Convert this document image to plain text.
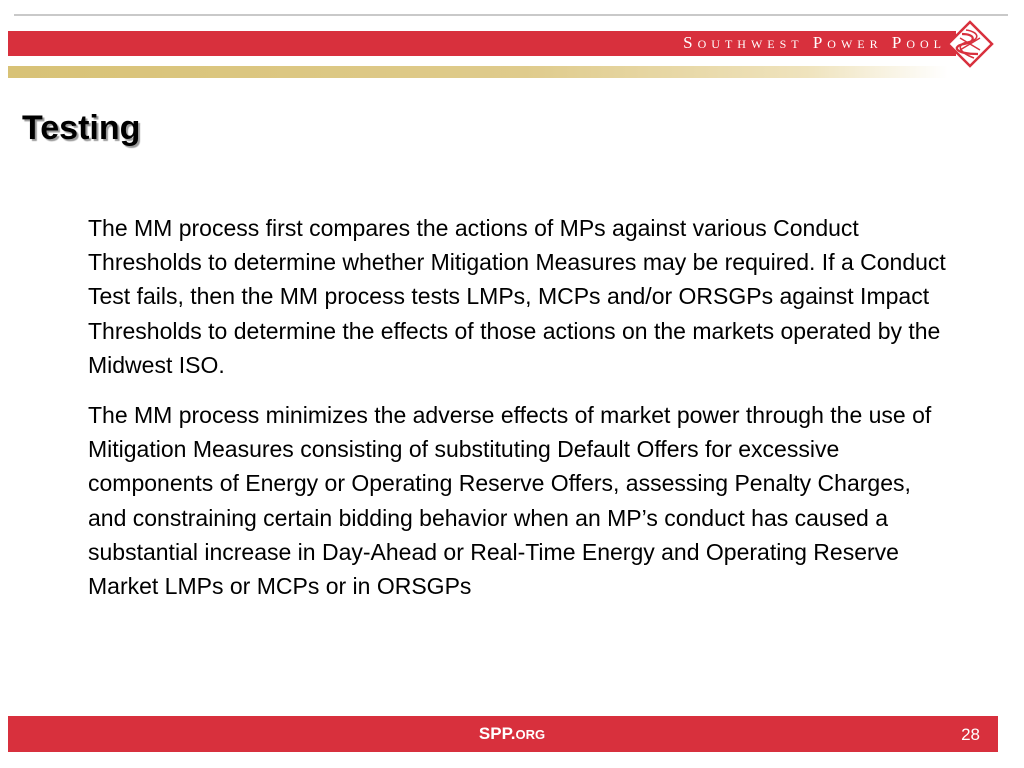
Southwest Power Pool
Testing

The MM process first compares the actions of MPs against various Conduct Thresholds to determine whether Mitigation Measures may be required. If a Conduct Test fails, then the MM process tests LMPs, MCPs and/or ORSGPs against Impact Thresholds to determine the effects of those actions on the markets operated by the Midwest ISO.

The MM process minimizes the adverse effects of market power through the use of Mitigation Measures consisting of substituting Default Offers for excessive components of Energy or Operating Reserve Offers, assessing Penalty Charges, and constraining certain bidding behavior when an MP’s conduct has caused a substantial increase in Day-Ahead or Real-Time Energy and Operating Reserve Market LMPs or MCPs or in ORSGPs

SPP.ORG	28
